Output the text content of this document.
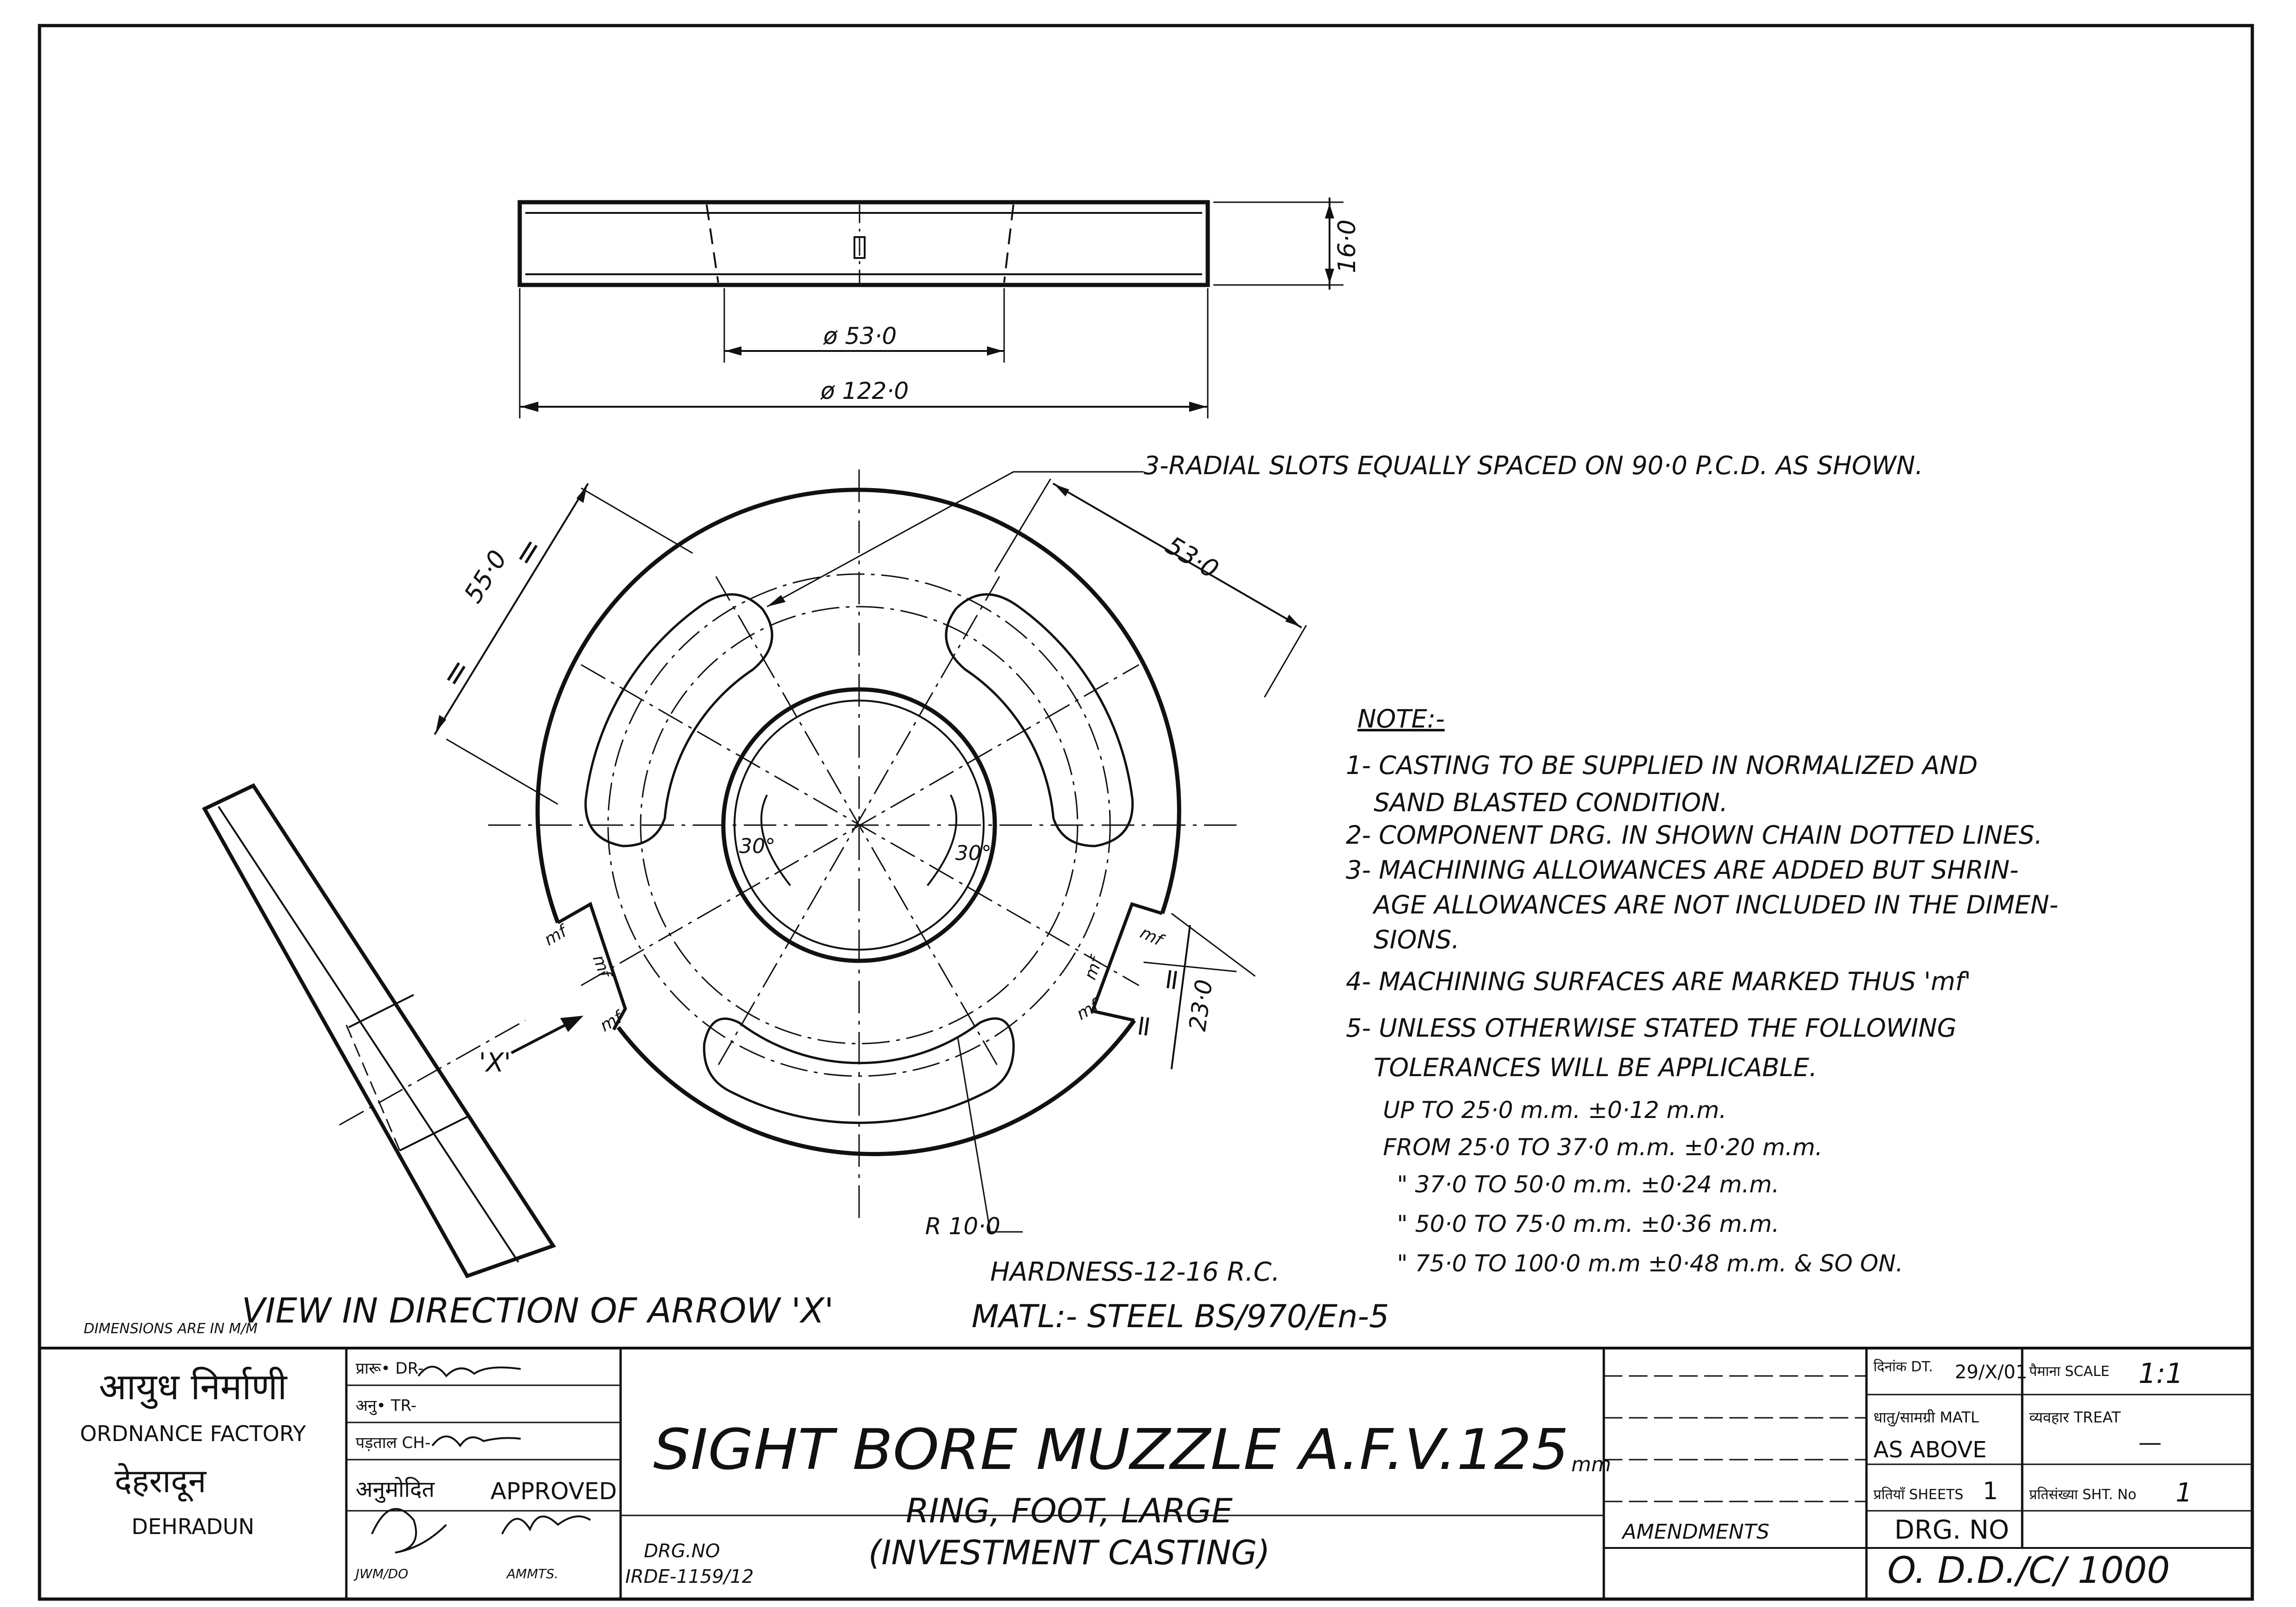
16·0
ø 53·0
ø 122·0
3-RADIAL SLOTS EQUALLY SPACED ON 90·0 P.C.D. AS SHOWN.
55·0
=
=
53·0
23·0
=
=
30°	30°
R 10·0
mf
mf
mf
mf
mf
mf
'X'
VIEW IN DIRECTION OF ARROW 'X'
NOTE:-
1- CASTING TO BE SUPPLIED IN NORMALIZED AND
SAND BLASTED CONDITION.
2- COMPONENT DRG. IN SHOWN CHAIN DOTTED LINES.
3- MACHINING ALLOWANCES ARE ADDED BUT SHRIN-
AGE ALLOWANCES ARE NOT INCLUDED IN THE DIMEN-
SIONS.
4- MACHINING SURFACES ARE MARKED THUS 'mf'
5- UNLESS OTHERWISE STATED THE FOLLOWING
TOLERANCES WILL BE APPLICABLE.
UP TO 25·0 m.m. ±0·12 m.m.
FROM 25·0 TO 37·0 m.m. ±0·20 m.m.
" 37·0 TO 50·0 m.m. ±0·24 m.m.
" 50·0 TO 75·0 m.m. ±0·36 m.m.
" 75·0 TO 100·0 m.m ±0·48 m.m. & SO ON.
HARDNESS-12-16 R.C.
MATL:- STEEL BS/970/En-5
DIMENSIONS ARE IN M/M
आयुध निर्माणी
ORDNANCE FACTORY
देहरादून
DEHRADUN
प्रारू• DR-
अनु• TR-
पड़ताल CH-
अनुमोदित APPROVED
JWM/DO	AMMTS.
SIGHT BORE MUZZLE A.F.V.125 mm
RING, FOOT, LARGE
(INVESTMENT CASTING)
DRG.NO
IRDE-1159/12
AMENDMENTS
दिनांक DT. 29/X/01
धातु/सामग्री MATL
AS ABOVE
प्रतियाँ SHEETS 1
पैमाना SCALE 1:1
व्यवहार TREAT
—
प्रतिसंख्या SHT. No 1
DRG. NO
O. D.D./C/ 1000
